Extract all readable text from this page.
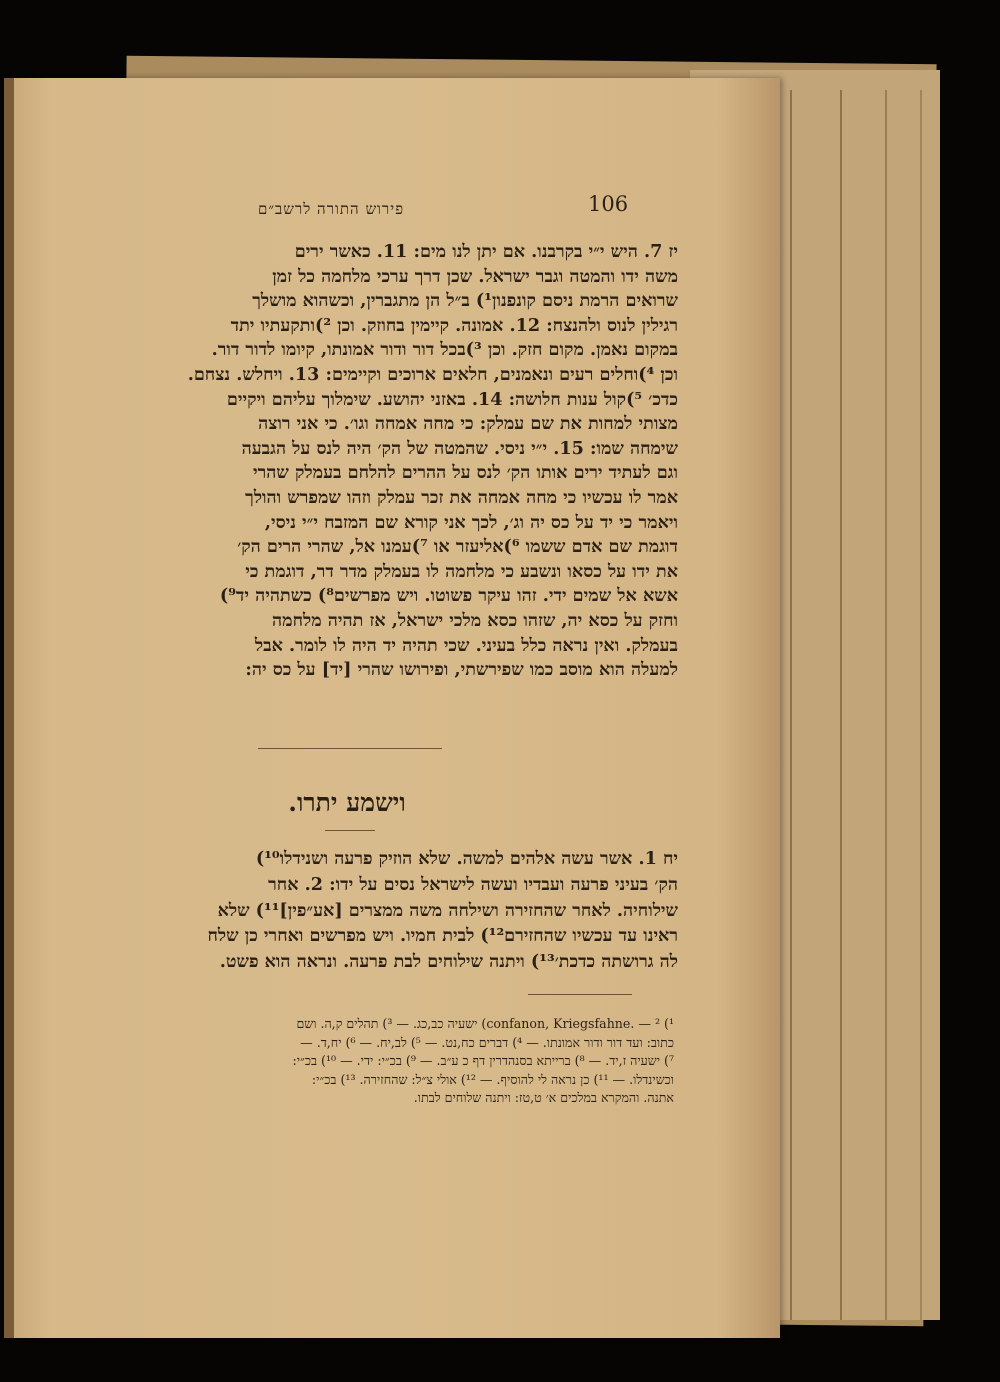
106
פירוש התורה לרשב״ם

יז 7. היש י״י בקרבנו. אם יתן לנו מים: 11. כאשר ירים

משה ידו והמטה וגבר ישראל. שכן דרך ערכי מלחמה כל זמן

שרואים הרמת ניסם קונפנון¹) ב״ל הן מתגברין, וכשהוא מושלך

רגילין לנוס ולהנצח: 12. אמונה. קיימין בחוזק. וכן ²)ותקעתיו יתד

במקום נאמן. מקום חזק. וכן ³)בכל דור ודור אמונתו, קיומו לדור דור.

וכן ⁴)וחלים רעים ונאמנים, חלאים ארוכים וקיימים: 13. ויחלש. נצחם.

כדכ׳ ⁵)קול ענות חלושה: 14. באזני יהושע. שימלוך עליהם ויקיים

מצותי למחות את שם עמלק: כי מחה אמחה וגו׳. כי אני רוצה

שימחה שמו: 15. י״י ניסי. שהמטה של הק׳ היה לנס על הגבעה

וגם לעתיד ירים אותו הק׳ לנס על ההרים להלחם בעמלק שהרי

אמר לו עכשיו כי מחה אמחה את זכר עמלק וזהו שמפרש והולך

ויאמר כי יד על כס יה וג׳, לכך אני קורא שם המזבח י״י ניסי,

דוגמת שם אדם ששמו ⁶)אליעזר או ⁷)עמנו אל, שהרי הרים הק׳

את ידו על כסאו ונשבע כי מלחמה לו בעמלק מדר דר, דוגמת כי

אשא אל שמים ידי. זהו עיקר פשוטו. ויש מפרשים⁸) כשתהיה יד⁹)

וחזק על כסא יה, שזהו כסא מלכי ישראל, אז תהיה מלחמה

בעמלק. ואין נראה כלל בעיני. שכי תהיה יד היה לו לומר. אבל

למעלה הוא מוסב כמו שפירשתי, ופירושו שהרי [יד] על כס יה:

וישמע יתרו.

יח 1. אשר עשה אלהים למשה. שלא הוזיק פרעה ושנידלו¹⁰)

הק׳ בעיני פרעה ועבדיו ועשה לישראל נסים על ידו: 2. אחר

שילוחיה. לאחר שהחזירה ושילחה משה ממצרים [אע״פין]¹¹) שלא

ראינו עד עכשיו שהחזירם¹²) לבית חמיו. ויש מפרשים ואחרי כן שלח

לה גרושתה כדכת׳¹³) ויתנה שילוחים לבת פרעה. ונראה הוא פשט.

¹) confanon, Kriegsfahne. — ²) ישעיה כב,כג. — ³) תהלים ק,ה. ושם

כתוב: ועד דור ודור אמונתו. — ⁴) דברים כח,נט. — ⁵) לב,יח. — ⁶) יח,ד. —

⁷) ישעיה ז,יד. — ⁸) ברייתא בסנהדרין דף כ ע״ב. — ⁹) בכ״י: ידי. — ¹⁰) בכ״י:

וכשינדלו. — ¹¹) כן נראה לי להוסיף. — ¹²) אולי צ״ל: שהחזירה. ¹³) בכ״י:

אתנה. והמקרא במלכים א׳ ט,טז: ויתנה שלוחים לבתו.
